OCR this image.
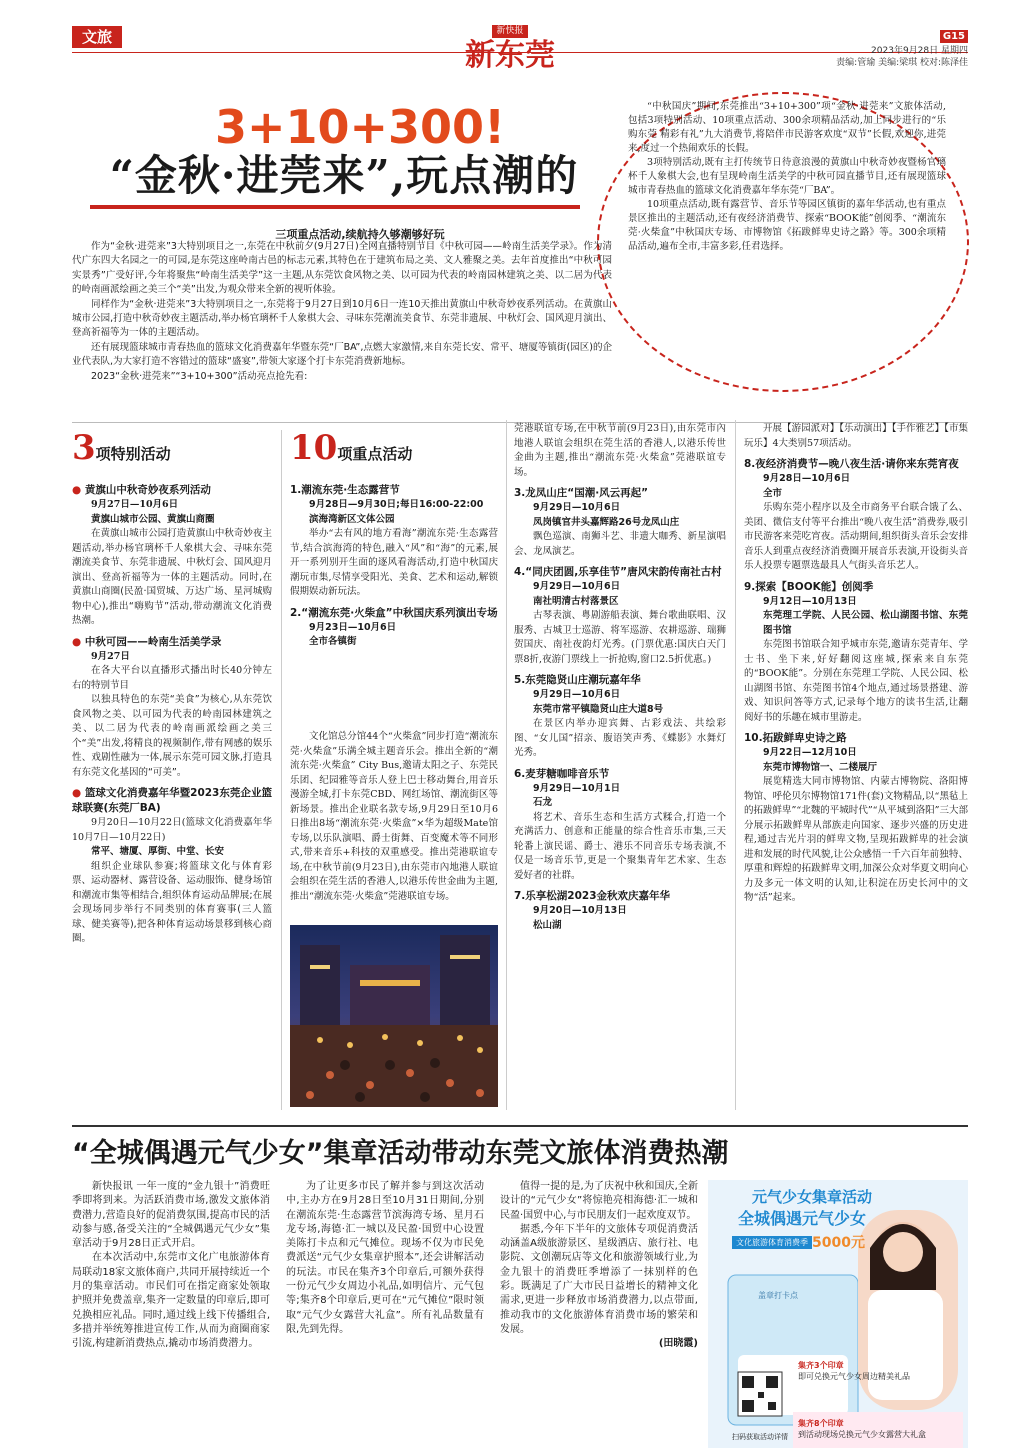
文旅	新快报
新东莞
G15
2023年9月28日 星期四
责编:管瑜 美编:梁琪 校对:陈泽佳
3+10+300!
“金秋·进莞来”,玩点潮的

“中秋国庆”期间,东莞推出“3+10+300”项“金秋·进莞来”文旅体活动,包括3项特别活动、10项重点活动、300余项精品活动,加上同步进行的“乐购东莞 精彩有礼”九大消费节,将陪伴市民游客欢度“双节”长假,欢迎你,进莞来,度过一个热闹欢乐的长假。

3项特别活动,既有主打传统节日待意浪漫的黄旗山中秋奇妙夜暨杨官璃杯千人象棋大会,也有呈现岭南生活美学的中秋可园直播节目,还有展现篮球城市青春热血的篮球文化消费嘉年华东莞“厂BA”。

10项重点活动,既有露营节、音乐节等园区镇街的嘉年华活动,也有重点景区推出的主题活动,还有夜经济消费节、探索“BOOK能”创阅季、“潮流东莞·火柴盒”中秋国庆专场、市博物馆《拓跋鲜卑史诗之路》等。300余项精品活动,遍布全市,丰富多彩,任君选择。

三项重点活动,续航持久够潮够好玩

作为“金秋·进莞来”3大特别项目之一,东莞在中秋前夕(9月27日)全网直播特别节目《中秋可园——岭南生活美学录》。作为清代广东四大名园之一的可园,是东莞这座岭南古邑的标志元素,其特色在于建筑布局之美、文人雅聚之美。去年首度推出“中秋可园实景秀”广受好评,今年将聚焦“岭南生活美学”这一主题,从东莞饮食风物之美、以可园为代表的岭南园林建筑之美、以二居为代表的岭南画派绘画之美三个“美”出发,为观众带来全新的视听体验。

同样作为“金秋·进莞来”3大特别项目之一,东莞将于9月27日到10月6日一连10天推出黄旗山中秋奇妙夜系列活动。在黄旗山城市公园,打造中秋奇妙夜主题活动,举办杨官璃杯千人象棋大会、寻味东莞潮流美食节、东莞非遗展、中秋灯会、国风迎月演出、登高祈福等为一体的主题活动。

还有展现篮球城市青春热血的篮球文化消费嘉年华暨东莞“厂BA”,点燃大家激情,来自东莞长安、常平、塘厦等镇街(园区)的企业代表队,为大家打造不容错过的篮球“盛宴”,带领大家逐个打卡东莞消费新地标。

2023“金秋·进莞来”“3+10+300”活动亮点抢先看:

3项特别活动
● 黄旗山中秋奇妙夜系列活动
9月27日—10月6日
黄旗山城市公园、黄旗山商圈

在黄旗山城市公园打造黄旗山中秋奇妙夜主题活动,举办杨官璃杯千人象棋大会、寻味东莞潮流美食节、东莞非遗展、中秋灯会、国风迎月演出、登高祈福等为一体的主题活动。同时,在黄旗山商圈(民盈·国贸城、万达广场、星河城购物中心),推出“嗨购节”活动,带动潮流文化消费热潮。

● 中秋可园——岭南生活美学录
9月27日

在各大平台以直播形式播出时长40分钟左右的特别节目

以独具特色的东莞“美食”为核心,从东莞饮食风物之美、以可园为代表的岭南园林建筑之美、以二居为代表的岭南画派绘画之美三个“美”出发,将精良的视频制作,带有网感的娱乐性、戏剧性融为一体,展示东莞可园文脉,打造具有东莞文化基因的“可美”。

● 篮球文化消费嘉年华暨2023东莞企业篮球联赛(东莞厂BA)

9月20日—10月22日(篮球文化消费嘉年华10月7日—10月22日)

常平、塘厦、厚街、中堂、长安

组织企业球队参赛;将篮球文化与体育彩票、运动器材、露营设备、运动服饰、健身场馆和潮流市集等相结合,组织体育运动品牌展;在展会现场同步举行不同类别的体育赛事(三人篮球、健美赛等),把各种体育运动场景移到核心商圈。

10项重点活动
1.潮流东莞·生态露营节
9月28日—9月30日;每日16:00-22:00
滨海湾新区文体公园

举办“去有风的地方看海”潮流东莞·生态露营节,结合滨海湾的特色,融入“风”和“海”的元素,展开一系列别开生面的逐风看海活动,打造中秋国庆潮玩市集,尽情享受阳光、美食、艺术和运动,解锁假期娱动新玩法。

2.“潮流东莞·火柴盒”中秋国庆系列演出专场
9月23日—10月6日
全市各镇街

文化馆总分馆44个“火柴盒”同步打造“潮流东莞·火柴盒”乐满全城主题音乐会。推出全新的“潮流东莞·火柴盒” City Bus,邀请太阳之子、东莞民乐团、纪园雅等音乐人登上巴士移动舞台,用音乐漫游全城,打卡东莞CBD、网红场馆、潮流街区等新场景。推出企业联名款专场,9月29日至10月6日推出8场“潮流东莞·火柴盒”×华为超级Mate馆专场,以乐队演唱、爵士街舞、百变魔术等不同形式,带来音乐+科技的双重感受。推出莞港联谊专场,在中秋节前(9月23日),由东莞市內地港人联谊会组织在莞生活的香港人,以港乐传世金曲为主题,推出“潮流东莞·火柴盒”莞港联谊专场。

莞港联谊专场,在中秋节前(9月23日),由东莞市內地港人联谊会组织在莞生活的香港人,以港乐传世金曲为主题,推出“潮流东莞·火柴盒”莞港联谊专场。

3.龙凤山庄“国潮·风云再起”
9月29日—10月6日
凤岗镇官井头嘉辉路26号龙凤山庄

飘色巡演、南狮斗艺、非遗大咖秀、新星演唱会、龙凤演艺。

4.“同庆团圆,乐享佳节”唐风宋韵传南社古村
9月29日—10月6日
南社明清古村落景区

古琴表演、粤剧游船表演、舞台歌曲联唱、汉服秀、古城卫士巡游、将军巡游、农耕巡游、瑞狮贺国庆、南社夜韵灯光秀。(门票优惠:国庆白天门票8折,夜游门票线上一折抢购,窗口2.5折优惠。)

5.东莞隐贤山庄潮玩嘉年华
9月29日—10月6日
东莞市常平镇隐贤山庄大道8号

在景区内举办迎宾舞、古彩戏法、共绘彩图、“女儿国”招亲、腹语笑声秀、《蝶影》水舞灯光秀。

6.麦芽糖咖啡音乐节
9月29日—10月1日
石龙

将艺术、音乐生态和生活方式糅合,打造一个充满活力、创意和正能量的综合性音乐市集,三天轮番上演民谣、爵士、港乐不同音乐专场表演,不仅是一场音乐节,更是一个聚集青年艺术家、生态爱好者的社群。

7.乐享松湖2023金秋欢庆嘉年华
9月20日—10月13日
松山湖

开展【游园派对】【乐动演出】【手作雅艺】【市集玩乐】4大类别57项活动。

8.夜经济消费节—晚八夜生活·请你来东莞宵夜
9月28日—10月6日
全市

乐购东莞小程序以及全市商务平台联合饿了么、美团、微信支付等平台推出“晚八夜生活”消费券,吸引市民游客来莞吃宵夜。活动期间,组织街头音乐会安排音乐人到重点夜经济消费圈开展音乐表演,开设街头音乐人投票专题票选最具人气街头音乐艺人。

9.探索【BOOK能】创阅季
9月12日—10月13日
东莞理工学院、人民公园、松山湖图书馆、东莞图书馆

东莞图书馆联合知乎城市东莞,邀请东莞青年、学士书、坐下来,好好翻阅这座城,探索来自东莞的“BOOK能”。分别在东莞理工学院、人民公园、松山湖图书馆、东莞图书馆4个地点,通过场景搭建、游戏、知识问答等方式,记录每个地方的读书生活,让翻阅好书的乐趣在城市里游走。

10.拓跋鲜卑史诗之路
9月22日—12月10日
东莞市博物馆一、二楼展厅

展览精选大同市博物馆、内蒙古博物院、洛阳博物馆、呼伦贝尔博物馆171件(套)文物精品,以“黑毡上的拓跋鲜卑”“北魏的平城时代”“从平城到洛阳”三大部分展示拓跋鲜卑从部族走向国家、逐步兴盛的历史进程,通过吉光片羽的鲜卑文物,呈现拓跋鲜卑的社会演进和发展的时代风貌,让公众感悟一千六百年前独特、厚重和辉煌的拓跋鲜卑文明,加深公众对华夏文明向心力及多元一体文明的认知,让积淀在历史长河中的文物“活”起来。

“全城偶遇元气少女”集章活动带动东莞文旅体消费热潮

新快报讯 一年一度的“金九银十”消费旺季即将到来。为活跃消费市场,激发文旅体消费潜力,营造良好的促消费氛围,提高市民的活动参与感,备受关注的“全城偶遇元气少女”集章活动于9月28日正式开启。

在本次活动中,东莞市文化广电旅游体育局联动18家文旅体商户,共同开展持续近一个月的集章活动。市民们可在指定商家处领取护照并免费盖章,集齐一定数量的印章后,即可兑换相应礼品。同时,通过线上线下传播组合,多措并举统筹推进宣传工作,从而为商圈商家引流,构建新消费热点,撬动市场消费潜力。

为了让更多市民了解并参与到这次活动中,主办方在9月28日至10月31日期间,分别在潮流东莞·生态露营节滨海湾专场、星月石龙专场,海德·汇一城以及民盈·国贸中心设置美陈打卡点和元气摊位。现场不仅为市民免费派送“元气少女集章护照本”,还会讲解活动的玩法。市民在集齐3个印章后,可额外获得一份元气少女周边小礼品,如明信片、元气包等;集齐8个印章后,更可在“元气摊位”限时领取“元气少女露营大礼盒”。所有礼品数量有限,先到先得。

值得一提的是,为了庆祝中秋和国庆,全新设计的“元气少女”将惊艳亮相海德·汇一城和民盈·国贸中心,与市民朋友们一起欢度双节。

据悉,今年下半年的文旅体专项促消费活动涵盖A级旅游景区、星级酒店、旅行社、电影院、文创潮玩店等文化和旅游领域行业,为金九银十的消费旺季增添了一抹别样的色彩。既满足了广大市民日益增长的精神文化需求,更进一步释放市场消费潜力,以点带面,推动我市的文化旅游体育消费市场的繁荣和发展。

(田晓霞)
元气少女集章活动
全城偶遇元气少女
文化旅游体育消费季 5000元
盖章打卡点
集齐3个印章
即可兑换元气少女周边精美礼品
集齐8个印章
到活动现场兑换元气少女露营大礼盒
扫码获取活动详情
